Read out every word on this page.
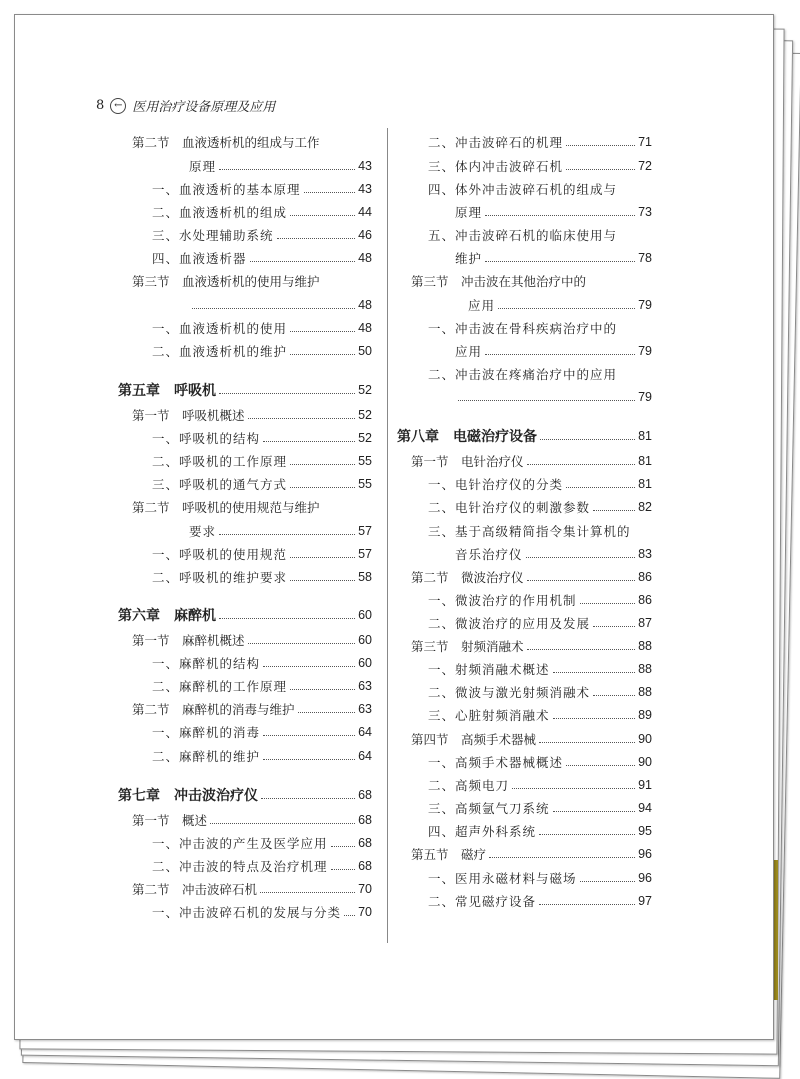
8 ← 医用治疗设备原理及应用
第二节　血液透析机的组成与工作
原理	43
一、血液透析的基本原理	43
二、血液透析机的组成	44
三、水处理辅助系统	46
四、血液透析器	48
第三节　血液透析机的使用与维护
48
一、血液透析机的使用	48
二、血液透析机的维护	50
第五章　呼吸机	52
第一节　呼吸机概述	52
一、呼吸机的结构	52
二、呼吸机的工作原理	55
三、呼吸机的通气方式	55
第二节　呼吸机的使用规范与维护
要求	57
一、呼吸机的使用规范	57
二、呼吸机的维护要求	58
第六章　麻醉机	60
第一节　麻醉机概述	60
一、麻醉机的结构	60
二、麻醉机的工作原理	63
第二节　麻醉机的消毒与维护	63
一、麻醉机的消毒	64
二、麻醉机的维护	64
第七章　冲击波治疗仪	68
第一节　概述	68
一、冲击波的产生及医学应用 68
二、冲击波的特点及治疗机理 68
第二节　冲击波碎石机	70
一、冲击波碎石机的发展与分类 70
二、冲击波碎石的机理	71
三、体内冲击波碎石机	72
四、体外冲击波碎石机的组成与
原理	73
五、冲击波碎石机的临床使用与
维护	78
第三节　冲击波在其他治疗中的
应用	79
一、冲击波在骨科疾病治疗中的
应用	79
二、冲击波在疼痛治疗中的应用
79
第八章　电磁治疗设备	81
第一节　电针治疗仪	81
一、电针治疗仪的分类	81
二、电针治疗仪的刺激参数	82
三、基于高级精简指令集计算机的
音乐治疗仪	83
第二节　微波治疗仪	86
一、微波治疗的作用机制	86
二、微波治疗的应用及发展	87
第三节　射频消融术	88
一、射频消融术概述	88
二、微波与激光射频消融术	88
三、心脏射频消融术	89
第四节　高频手术器械	90
一、高频手术器械概述	90
二、高频电刀	91
三、高频氩气刀系统	94
四、超声外科系统	95
第五节　磁疗	96
一、医用永磁材料与磁场	96
二、常见磁疗设备	97
